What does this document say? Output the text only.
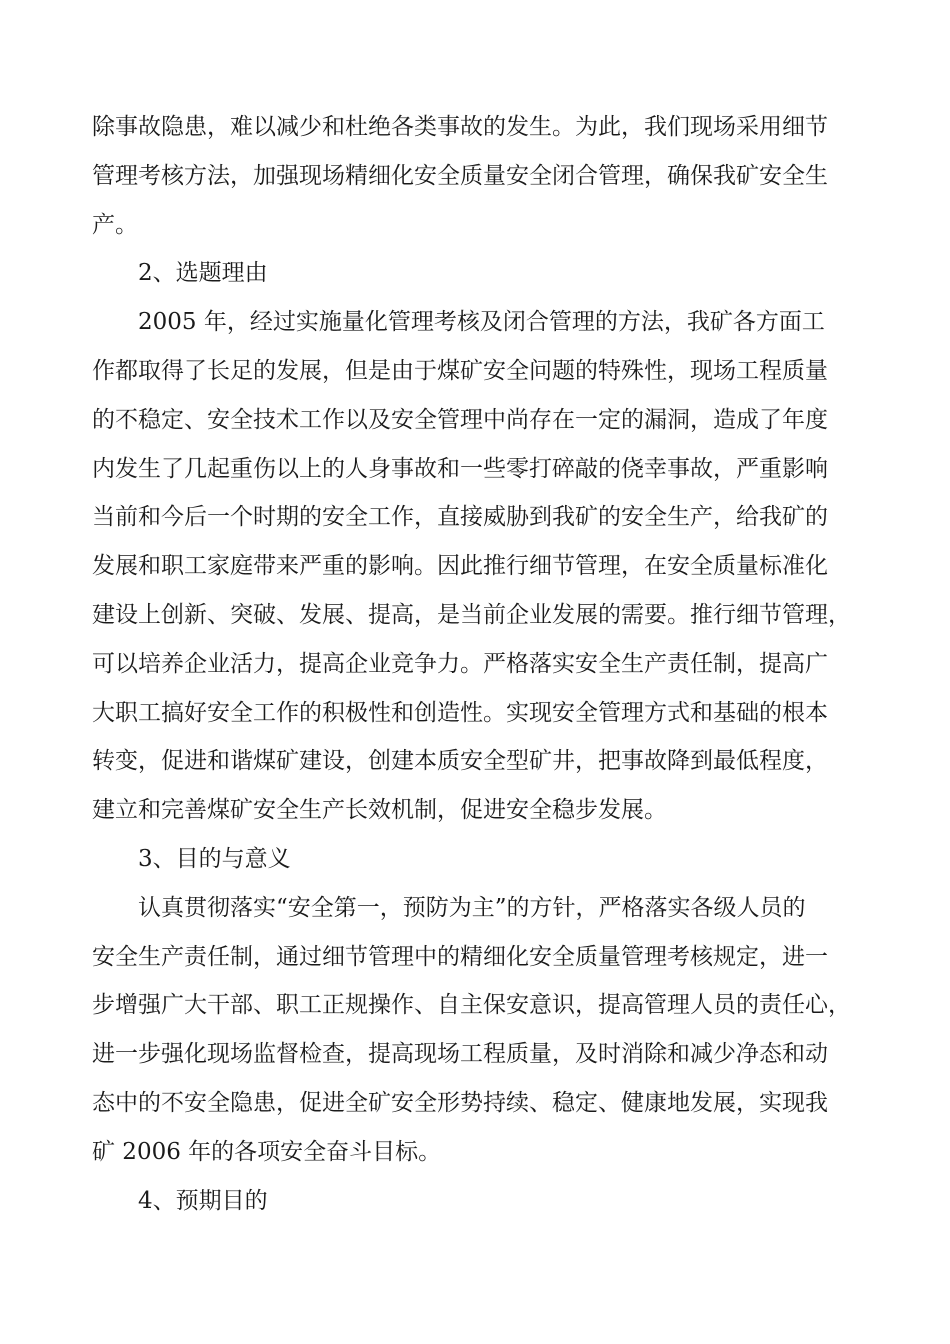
除事故隐患，难以减少和杜绝各类事故的发生。为此，我们现场采用细节
管理考核方法，加强现场精细化安全质量安全闭合管理，确保我矿安全生
产。
2、选题理由
2005 年，经过实施量化管理考核及闭合管理的方法，我矿各方面工
作都取得了长足的发展，但是由于煤矿安全问题的特殊性，现场工程质量
的不稳定、安全技术工作以及安全管理中尚存在一定的漏洞，造成了年度
内发生了几起重伤以上的人身事故和一些零打碎敲的侥幸事故，严重影响
当前和今后一个时期的安全工作，直接威胁到我矿的安全生产，给我矿的
发展和职工家庭带来严重的影响。因此推行细节管理，在安全质量标准化
建设上创新、突破、发展、提高，是当前企业发展的需要。推行细节管理，
可以培养企业活力，提高企业竞争力。严格落实安全生产责任制，提高广
大职工搞好安全工作的积极性和创造性。实现安全管理方式和基础的根本
转变，促进和谐煤矿建设，创建本质安全型矿井，把事故降到最低程度，
建立和完善煤矿安全生产长效机制，促进安全稳步发展。
3、目的与意义
认真贯彻落实“安全第一，预防为主”的方针，严格落实各级人员的
安全生产责任制，通过细节管理中的精细化安全质量管理考核规定，进一
步增强广大干部、职工正规操作、自主保安意识，提高管理人员的责任心，
进一步强化现场监督检查，提高现场工程质量，及时消除和减少净态和动
态中的不安全隐患，促进全矿安全形势持续、稳定、健康地发展，实现我
矿 2006 年的各项安全奋斗目标。
4、预期目的
